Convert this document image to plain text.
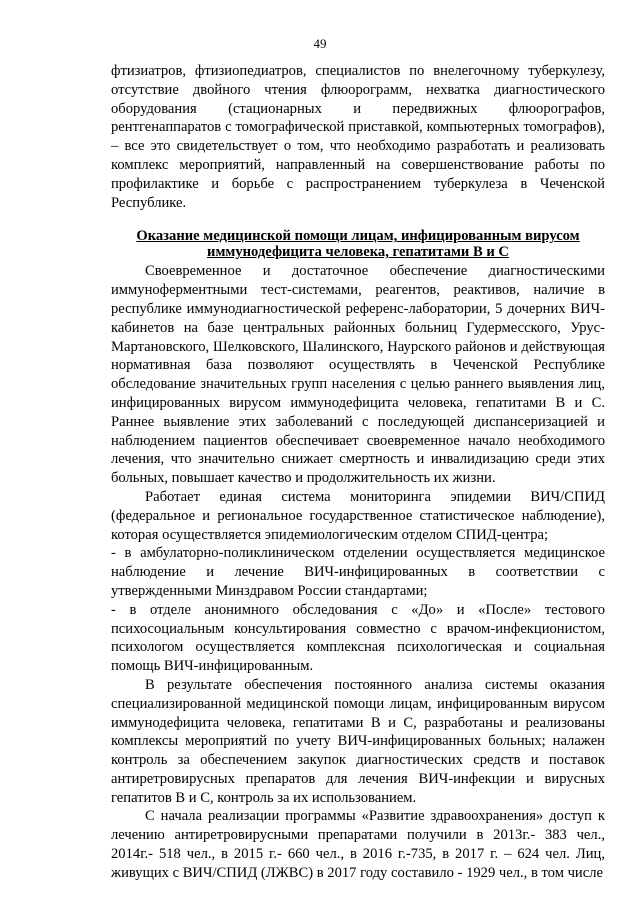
49

фтизиатров, фтизиопедиатров, специалистов по внелегочному туберкулезу, отсутствие двойного чтения флюорограмм, нехватка диагностического оборудования (стационарных и передвижных флюорографов, рентгенаппаратов с томографической приставкой, компьютерных томографов), – все это свидетельствует о том, что необходимо разработать и реализовать комплекс мероприятий, направленный на совершенствование работы по профилактике и борьбе с распространением туберкулеза в Чеченской Республике.

Оказание медицинской помощи лицам, инфицированным вирусом иммунодефицита человека, гепатитами В и С

Своевременное и достаточное обеспечение диагностическими иммуноферментными тест-системами, реагентов, реактивов, наличие в республике иммунодиагностической референс-лаборатории, 5 дочерних ВИЧ-кабинетов на базе центральных районных больниц Гудермесского, Урус-Мартановского, Шелковского, Шалинского, Наурского районов и действующая нормативная база позволяют осуществлять в Чеченской Республике обследование значительных групп населения с целью раннего выявления лиц, инфицированных вирусом иммунодефицита человека, гепатитами В и С. Раннее выявление этих заболеваний с последующей диспансеризацией и наблюдением пациентов обеспечивает своевременное начало необходимого лечения, что значительно снижает смертность и инвалидизацию среди этих больных, повышает качество и продолжительность их жизни.

Работает единая система мониторинга эпидемии ВИЧ/СПИД (федеральное и региональное государственное статистическое наблюдение), которая осуществляется эпидемиологическим отделом СПИД-центра;

- в амбулаторно-поликлиническом отделении осуществляется медицинское наблюдение и лечение ВИЧ-инфицированных в соответствии с утвержденными Минздравом России стандартами;

- в отделе анонимного обследования с «До» и «После» тестового психосоциальным консультирования совместно с врачом-инфекционистом, психологом осуществляется комплексная психологическая и социальная помощь ВИЧ-инфицированным.

В результате обеспечения постоянного анализа системы оказания специализированной медицинской помощи лицам, инфицированным вирусом иммунодефицита человека, гепатитами В и С, разработаны и реализованы комплексы мероприятий по учету ВИЧ-инфицированных больных; налажен контроль за обеспечением закупок диагностических средств и поставок антиретровирусных препаратов для лечения ВИЧ-инфекции и вирусных гепатитов В и С, контроль за их использованием.

С начала реализации программы «Развитие здравоохранения» доступ к лечению антиретровирусными препаратами получили в 2013г.- 383 чел., 2014г.- 518 чел., в 2015 г.- 660 чел., в 2016 г.-735, в 2017 г. – 624 чел. Лиц, живущих с ВИЧ/СПИД (ЛЖВС) в 2017 году составило - 1929 чел., в том числе
